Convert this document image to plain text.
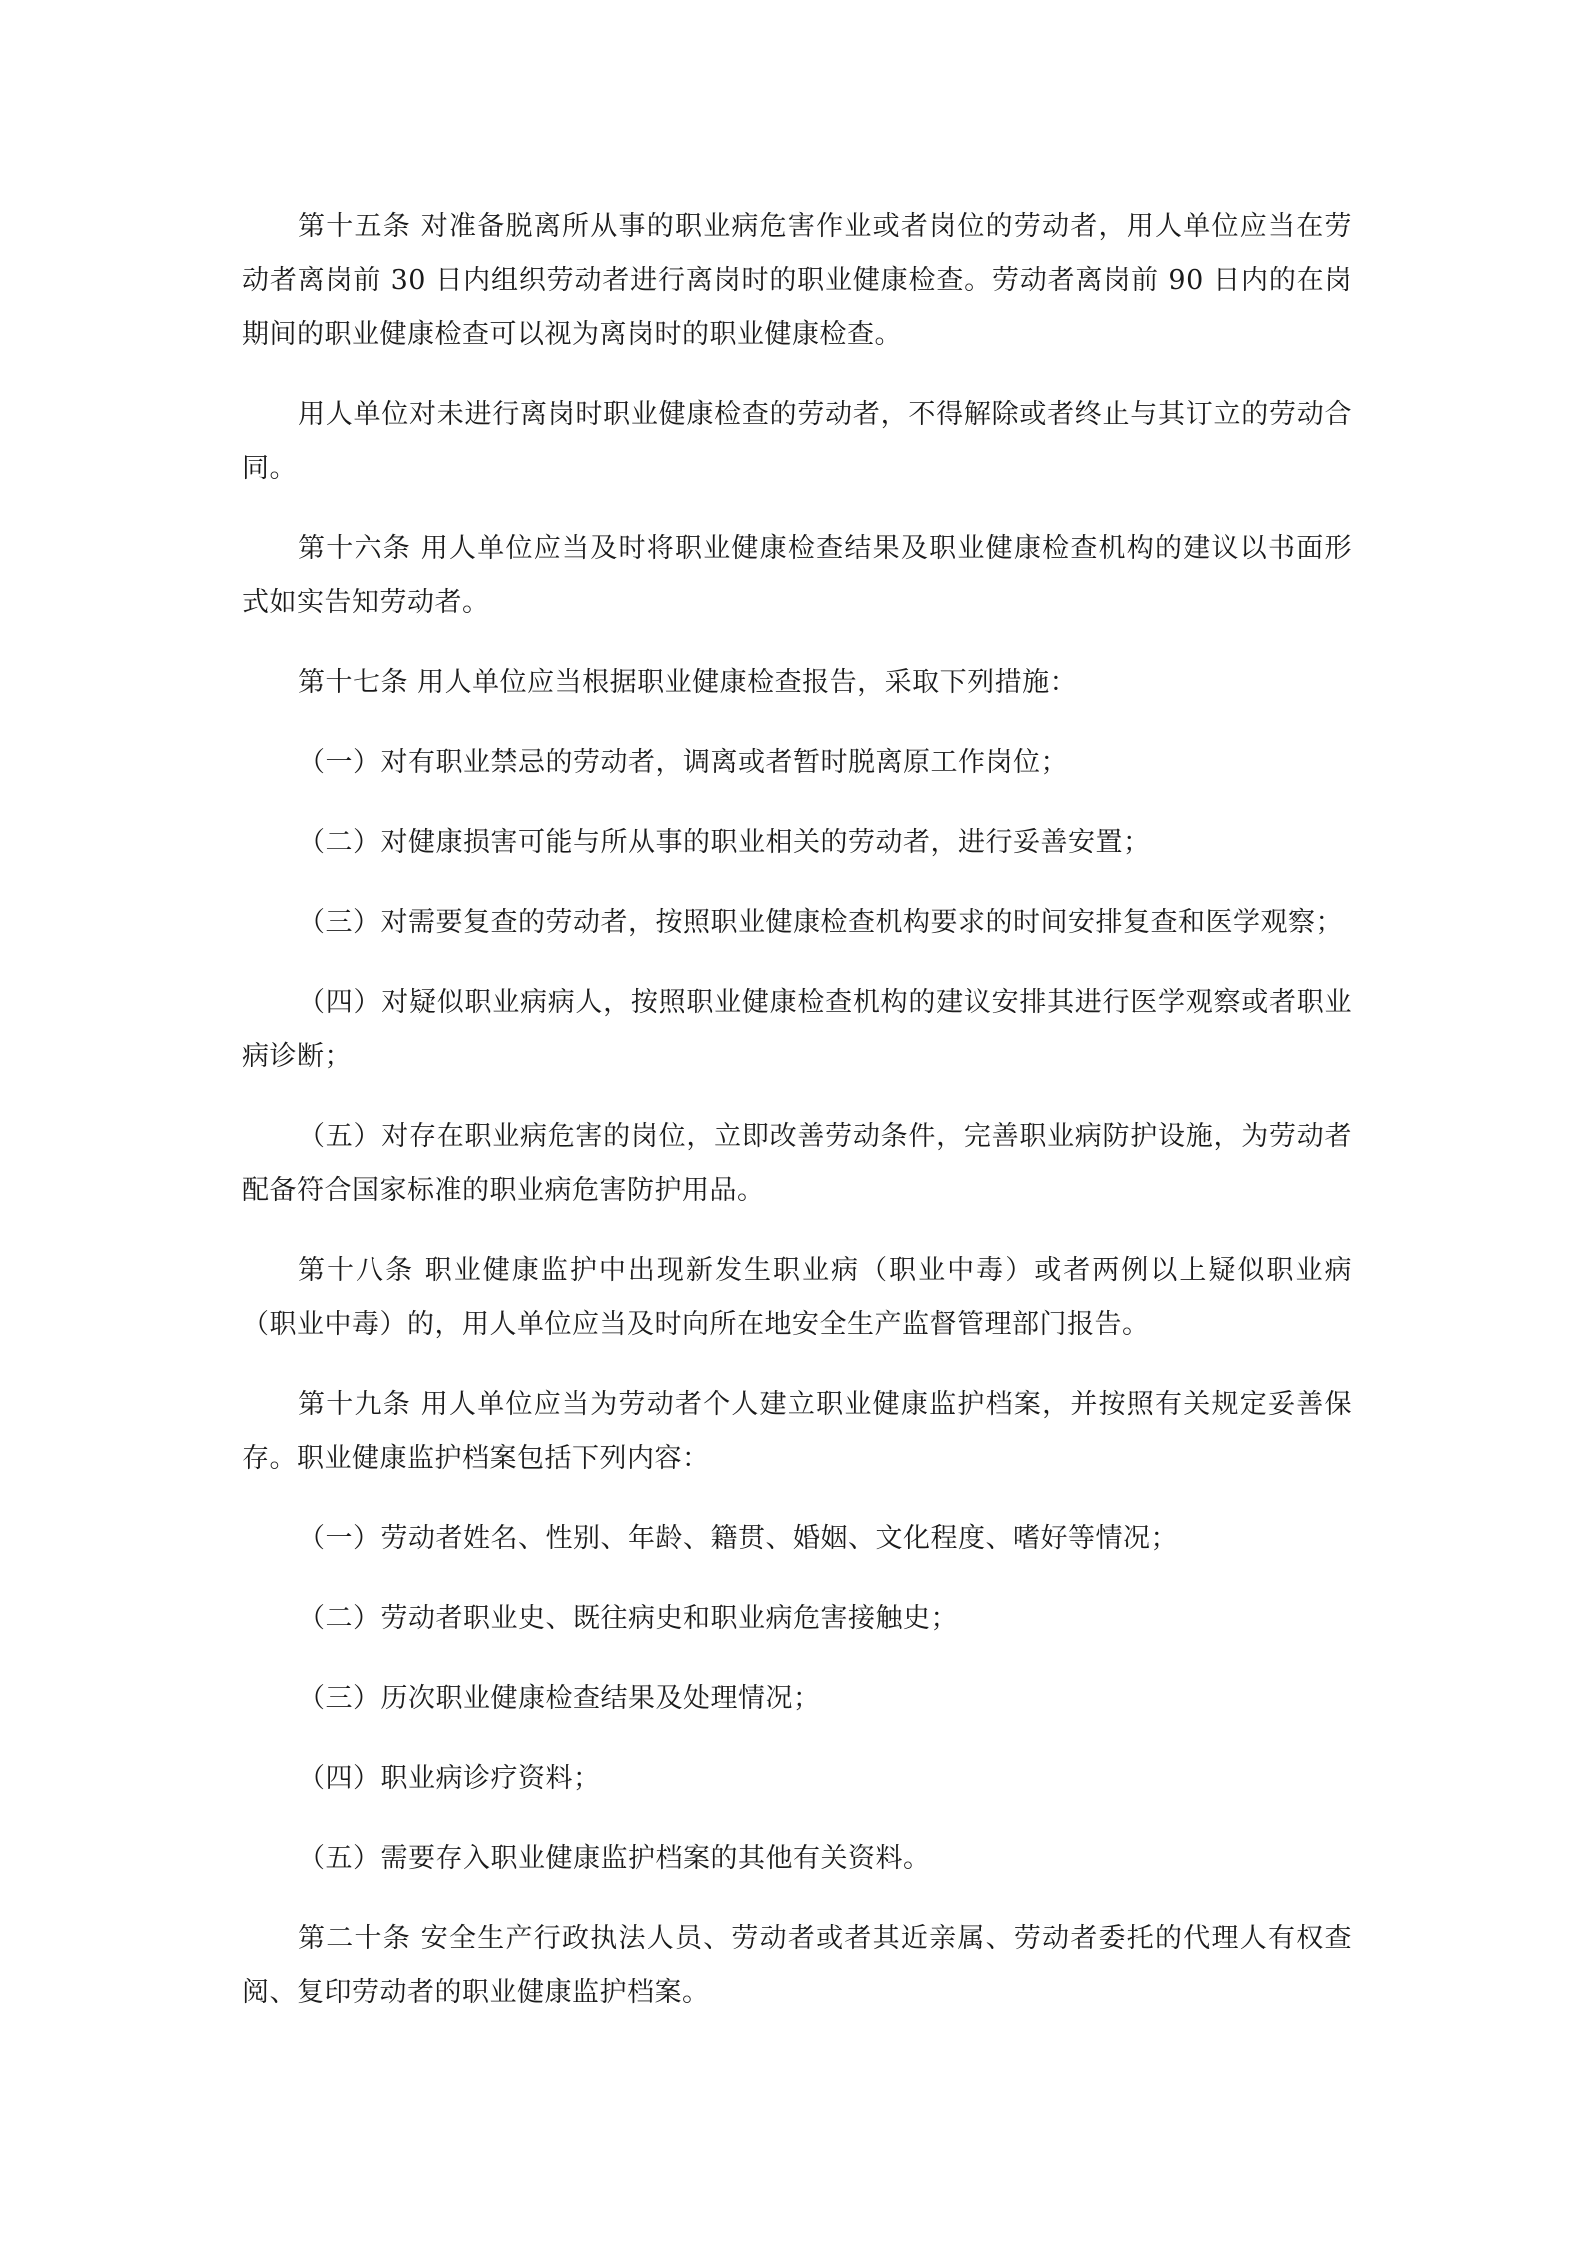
第十五条 对准备脱离所从事的职业病危害作业或者岗位的劳动者，用人单位应当在劳动者离岗前 30 日内组织劳动者进行离岗时的职业健康检查。劳动者离岗前 90 日内的在岗期间的职业健康检查可以视为离岗时的职业健康检查。

用人单位对未进行离岗时职业健康检查的劳动者，不得解除或者终止与其订立的劳动合同。

第十六条 用人单位应当及时将职业健康检查结果及职业健康检查机构的建议以书面形式如实告知劳动者。

第十七条 用人单位应当根据职业健康检查报告，采取下列措施：

（一）对有职业禁忌的劳动者，调离或者暂时脱离原工作岗位；

（二）对健康损害可能与所从事的职业相关的劳动者，进行妥善安置；

（三）对需要复查的劳动者，按照职业健康检查机构要求的时间安排复查和医学观察；

（四）对疑似职业病病人，按照职业健康检查机构的建议安排其进行医学观察或者职业病诊断；

（五）对存在职业病危害的岗位，立即改善劳动条件，完善职业病防护设施，为劳动者配备符合国家标准的职业病危害防护用品。

第十八条 职业健康监护中出现新发生职业病（职业中毒）或者两例以上疑似职业病（职业中毒）的，用人单位应当及时向所在地安全生产监督管理部门报告。

第十九条 用人单位应当为劳动者个人建立职业健康监护档案，并按照有关规定妥善保存。职业健康监护档案包括下列内容：

（一）劳动者姓名、性别、年龄、籍贯、婚姻、文化程度、嗜好等情况；

（二）劳动者职业史、既往病史和职业病危害接触史；

（三）历次职业健康检查结果及处理情况；

（四）职业病诊疗资料；

（五）需要存入职业健康监护档案的其他有关资料。

第二十条 安全生产行政执法人员、劳动者或者其近亲属、劳动者委托的代理人有权查阅、复印劳动者的职业健康监护档案。
